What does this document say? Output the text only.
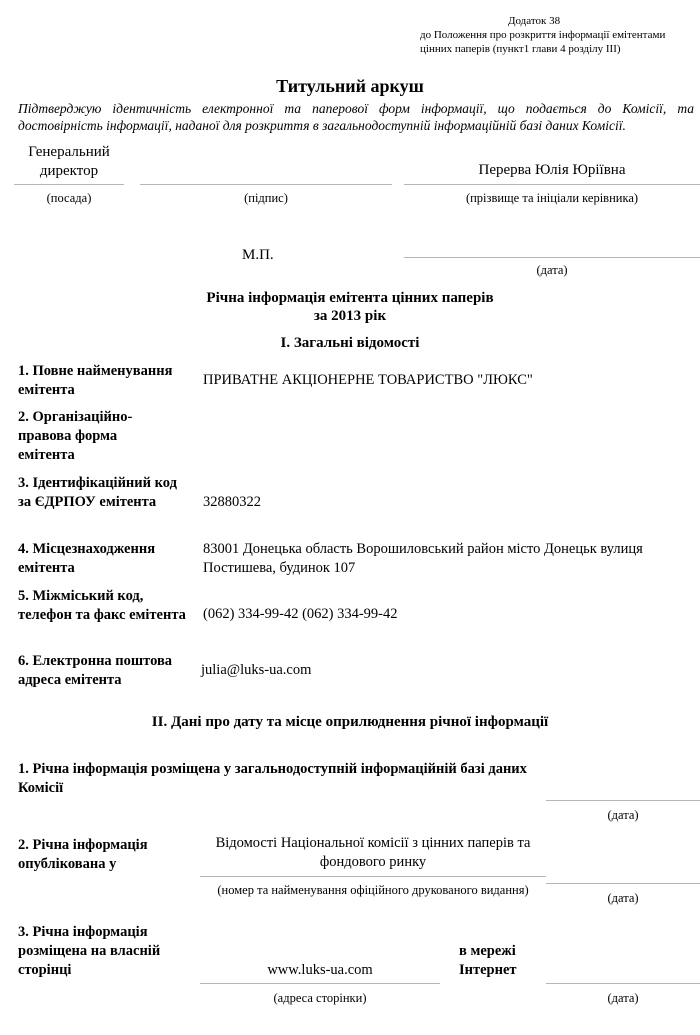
Додаток 38
до Положення про розкриття інформації емітентами
цінних паперів (пункт1 глави 4 розділу III)
Титульний аркуш
Підтверджую ідентичність електронної та паперової форм інформації, що подається до Комісії, та достовірність інформації, наданої для розкриття в загальнодоступній інформаційній базі даних Комісії.
Генеральний
директор	Перерва Юлія Юріївна
(посада)	(підпис)	(прізвище та ініціали керівника)
М.П.
(дата)
Річна інформація емітента цінних паперів
за 2013 рік
I. Загальні відомості
1. Повне найменування емітента
ПРИВАТНЕ АКЦІОНЕРНЕ ТОВАРИСТВО "ЛЮКС"
2. Організаційно-правова форма емітента
3. Ідентифікаційний код за ЄДРПОУ емітента	32880322
4. Місцезнаходження емітента
83001 Донецька область Ворошиловський район місто Донецьк вулиця Постишева, будинок 107
5. Міжміський код, телефон та факс емітента (062) 334-99-42 (062) 334-99-42
6. Електронна поштова адреса емітента
julia@luks-ua.com
II. Дані про дату та місце оприлюднення річної інформації
1. Річна інформація розміщена у загальнодоступній інформаційній базі даних Комісії
(дата)
2. Річна інформація опублікована у
Відомості Національної комісії з цінних паперів та фондового ринку
(номер та найменування офіційного друкованого видання)
(дата)
3. Річна інформація розміщена на власній сторінці	www.luks-ua.com
в мережі Інтернет
(адреса сторінки)	(дата)
